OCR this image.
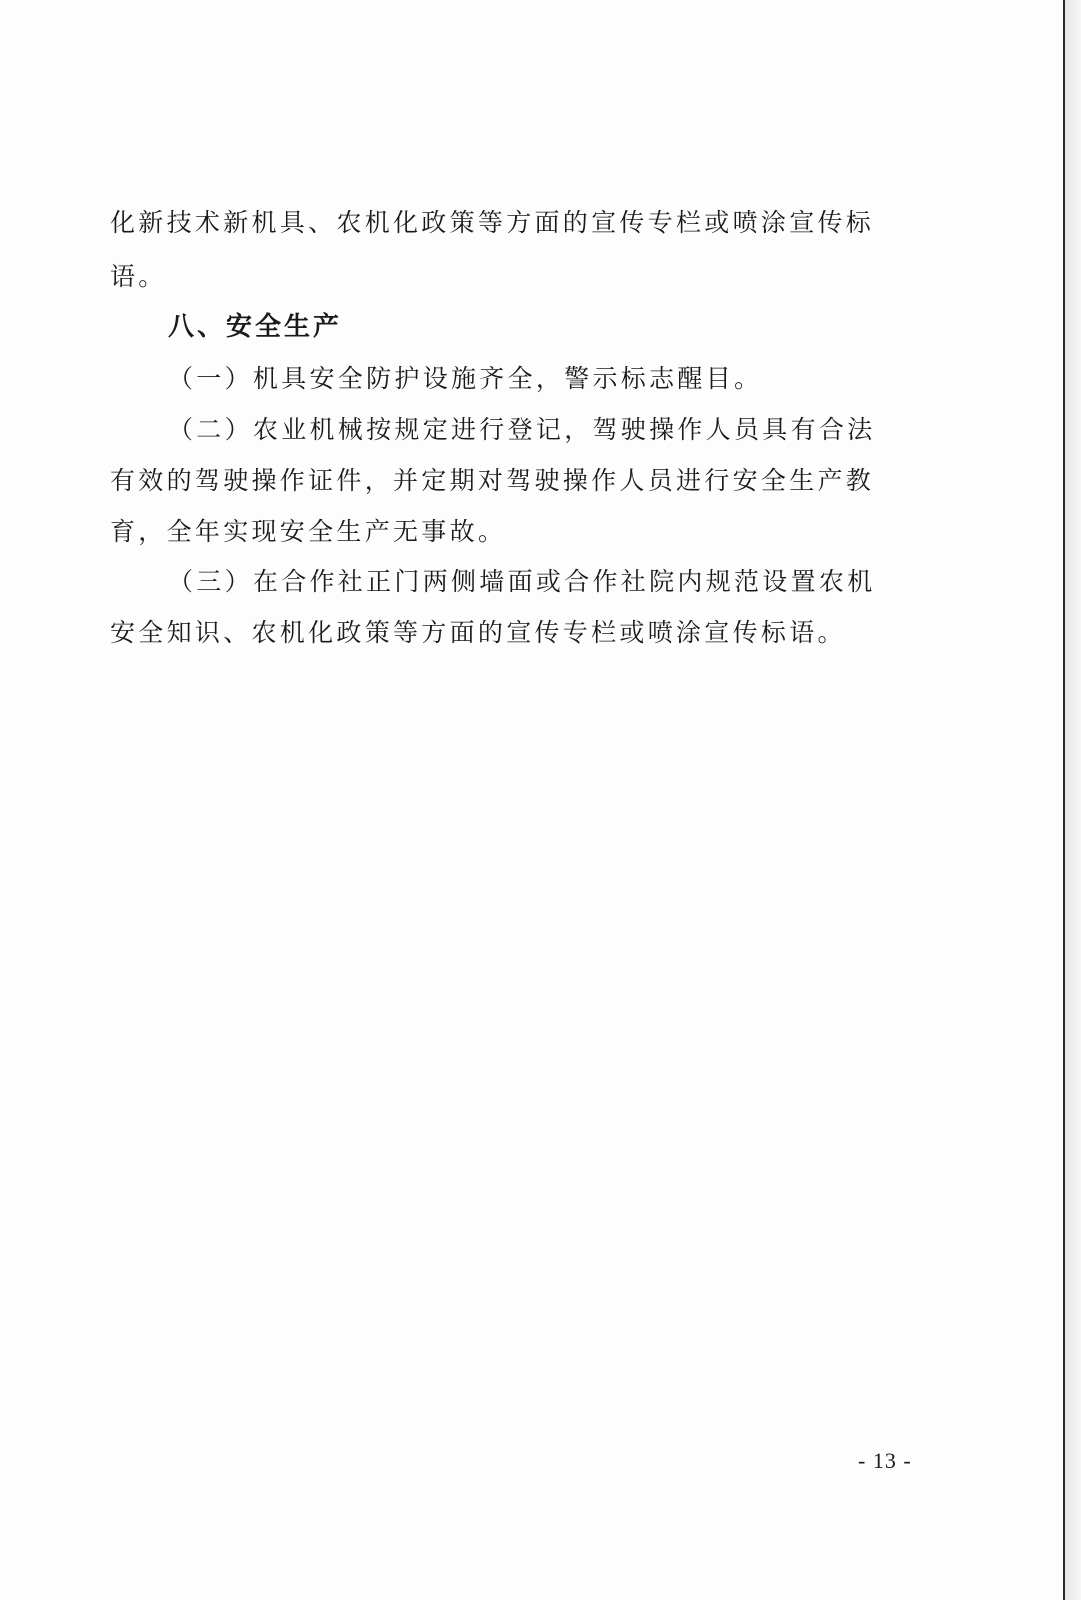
化新技术新机具、农机化政策等方面的宣传专栏或喷涂宣传标
语。
八、安全生产
（一）机具安全防护设施齐全，警示标志醒目。
（二）农业机械按规定进行登记，驾驶操作人员具有合法
有效的驾驶操作证件，并定期对驾驶操作人员进行安全生产教
育，全年实现安全生产无事故。
（三）在合作社正门两侧墙面或合作社院内规范设置农机
安全知识、农机化政策等方面的宣传专栏或喷涂宣传标语。
- 13 -
